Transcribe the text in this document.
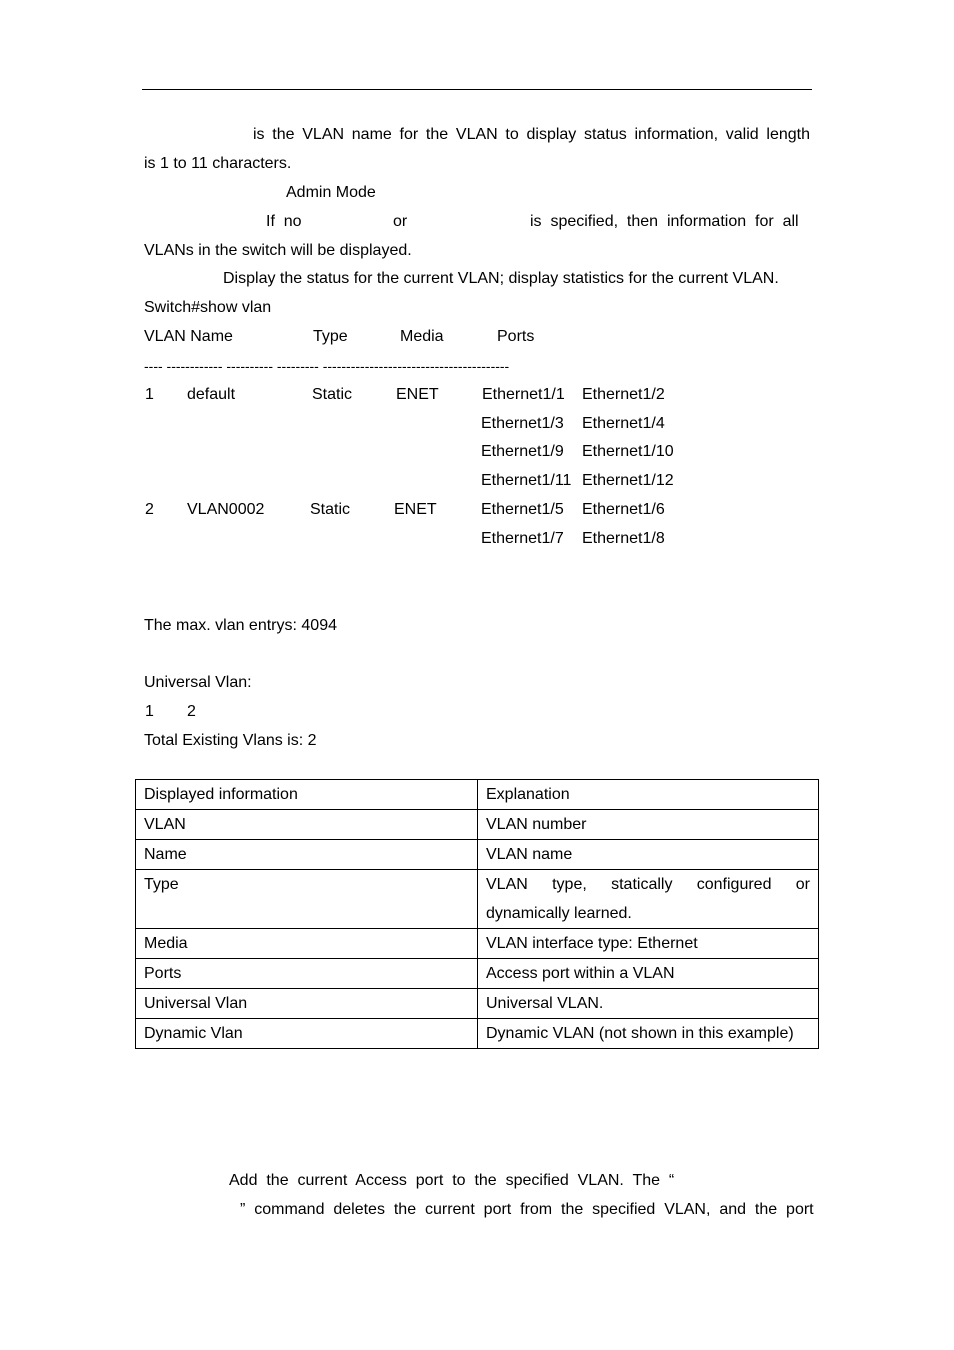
is the VLAN name for the VLAN to display status information, valid length
is 1 to 11 characters.
Admin Mode
If  no	or	is  specified,  then  information  for  all
VLANs in the switch will be displayed.
Display the status for the current VLAN; display statistics for the current VLAN.
Switch#show vlan
VLAN Name	Type	Media	Ports
---- ------------ ---------- --------- ----------------------------------------
1 default	Static	ENET	Ethernet1/1 Ethernet1/2
Ethernet1/3 Ethernet1/4
Ethernet1/9 Ethernet1/10
Ethernet1/11 Ethernet1/12
2 VLAN0002	Static	ENET	Ethernet1/5 Ethernet1/6
Ethernet1/7 Ethernet1/8
The max. vlan entrys: 4094
Universal Vlan:
1 2
Total Existing Vlans is: 2
Displayed information	Explanation
VLAN	VLAN number
Name	VLAN name
Type	VLAN type, statically configured or dynamically learned.
Media	VLAN interface type: Ethernet
Ports	Access port within a VLAN
Universal Vlan	Universal VLAN.
Dynamic Vlan	Dynamic VLAN (not shown in this example)
Add  the  current  Access  port  to  the  specified  VLAN.  The  “
”  command  deletes  the  current  port  from  the  specified  VLAN,  and  the  port
